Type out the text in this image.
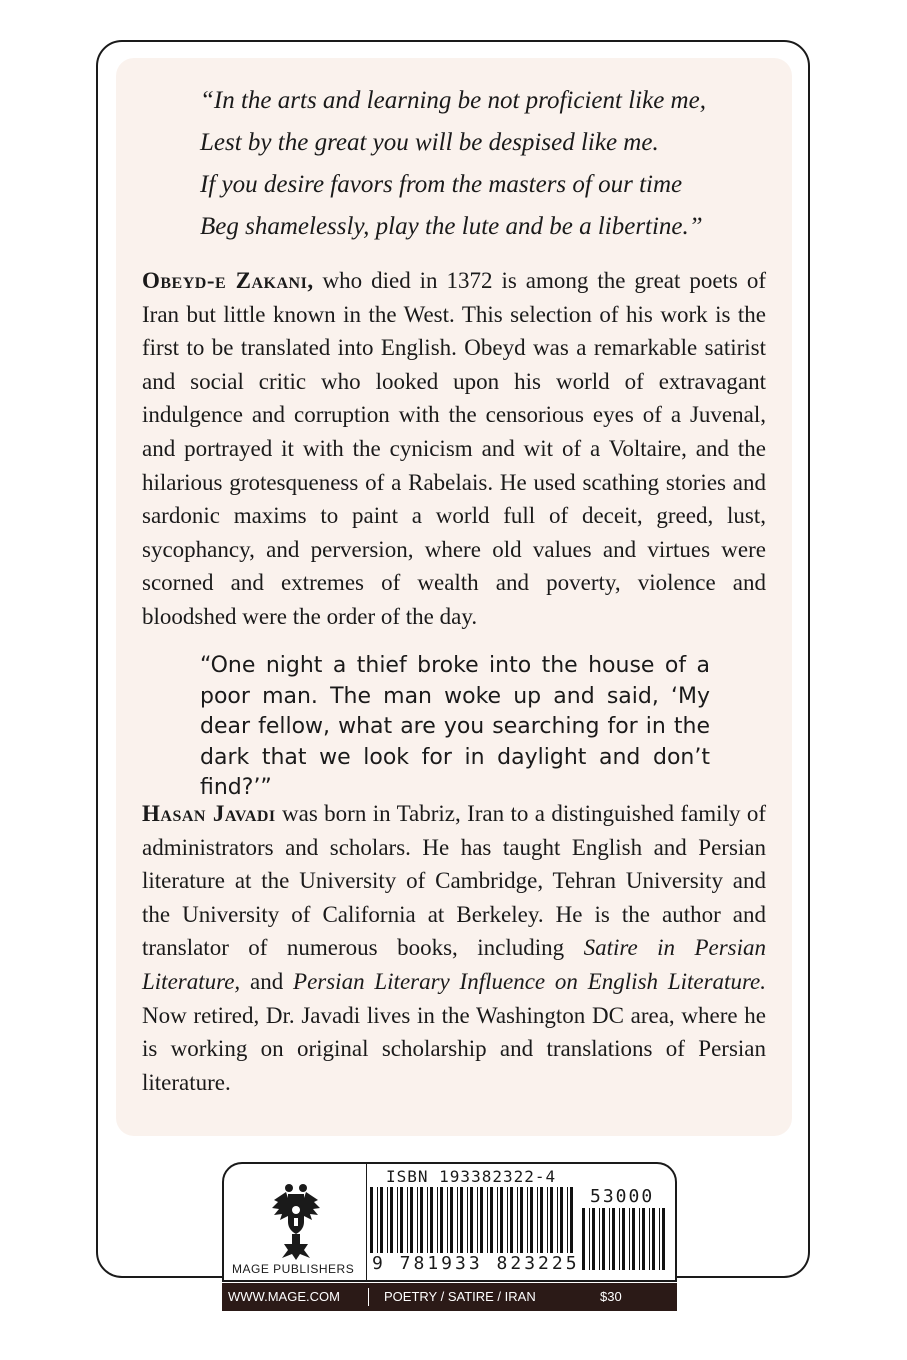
“In the arts and learning be not proficient like me,
Lest by the great you will be despised like me.
If you desire favors from the masters of our time
Beg shamelessly, play the lute and be a libertine.”
Obeyd-e Zakani, who died in 1372 is among the great poets of Iran but little known in the West. This selection of his work is the first to be translated into English. Obeyd was a remarkable satirist and social critic who looked upon his world of extravagant indulgence and corruption with the censorious eyes of a Juvenal, and portrayed it with the cynicism and wit of a Voltaire, and the hilarious grotesqueness of a Rabelais. He used scathing stories and sardonic maxims to paint a world full of deceit, greed, lust, sycophancy, and perversion, where old values and virtues were scorned and extremes of wealth and poverty, violence and bloodshed were the order of the day.
“One night a thief broke into the house of a poor man. The man woke up and said, ‘My dear fellow, what are you searching for in the dark that we look for in daylight and don’t find?’”
Hasan Javadi was born in Tabriz, Iran to a distinguished family of administrators and scholars. He has taught English and Persian literature at the University of Cambridge, Tehran University and the University of California at Berkeley. He is the author and translator of numerous books, including Satire in Persian Literature, and Persian Literary Influence on English Literature. Now retired, Dr. Javadi lives in the Washington DC area, where he is working on original scholarship and translations of Persian literature.
MAGE PUBLISHERS
ISBN 193382322-4
53000
9 781933 823225
WWW.MAGE.COM	POETRY / SATIRE / IRAN	$30
